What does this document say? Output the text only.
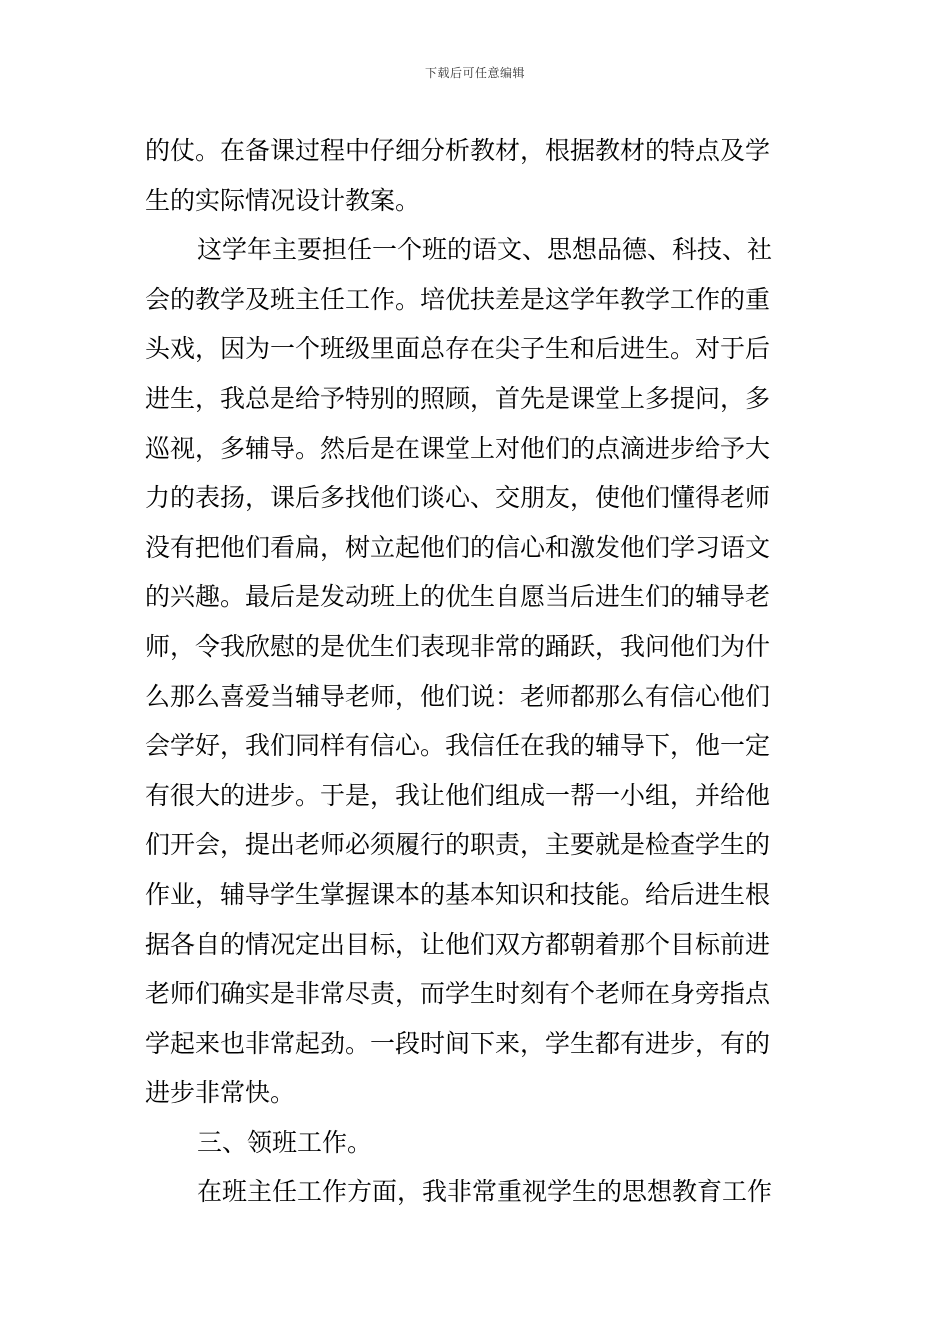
下载后可任意编辑
的仗。在备课过程中仔细分析教材，根据教材的特点及学
生的实际情况设计教案。
这学年主要担任一个班的语文、思想品德、科技、社
会的教学及班主任工作。培优扶差是这学年教学工作的重
头戏，因为一个班级里面总存在尖子生和后进生。对于后
进生，我总是给予特别的照顾，首先是课堂上多提问，多
巡视，多辅导。然后是在课堂上对他们的点滴进步给予大
力的表扬，课后多找他们谈心、交朋友，使他们懂得老师
没有把他们看扁，树立起他们的信心和激发他们学习语文
的兴趣。最后是发动班上的优生自愿当后进生们的辅导老
师，令我欣慰的是优生们表现非常的踊跃，我问他们为什
么那么喜爱当辅导老师，他们说：老师都那么有信心他们
会学好，我们同样有信心。我信任在我的辅导下，他一定
有很大的进步。于是，我让他们组成一帮一小组，并给他
们开会，提出老师必须履行的职责，主要就是检查学生的
作业，辅导学生掌握课本的基本知识和技能。给后进生根
据各自的情况定出目标，让他们双方都朝着那个目标前进
老师们确实是非常尽责，而学生时刻有个老师在身旁指点
学起来也非常起劲。一段时间下来，学生都有进步，有的
进步非常快。
三、领班工作。
在班主任工作方面，我非常重视学生的思想教育工作
